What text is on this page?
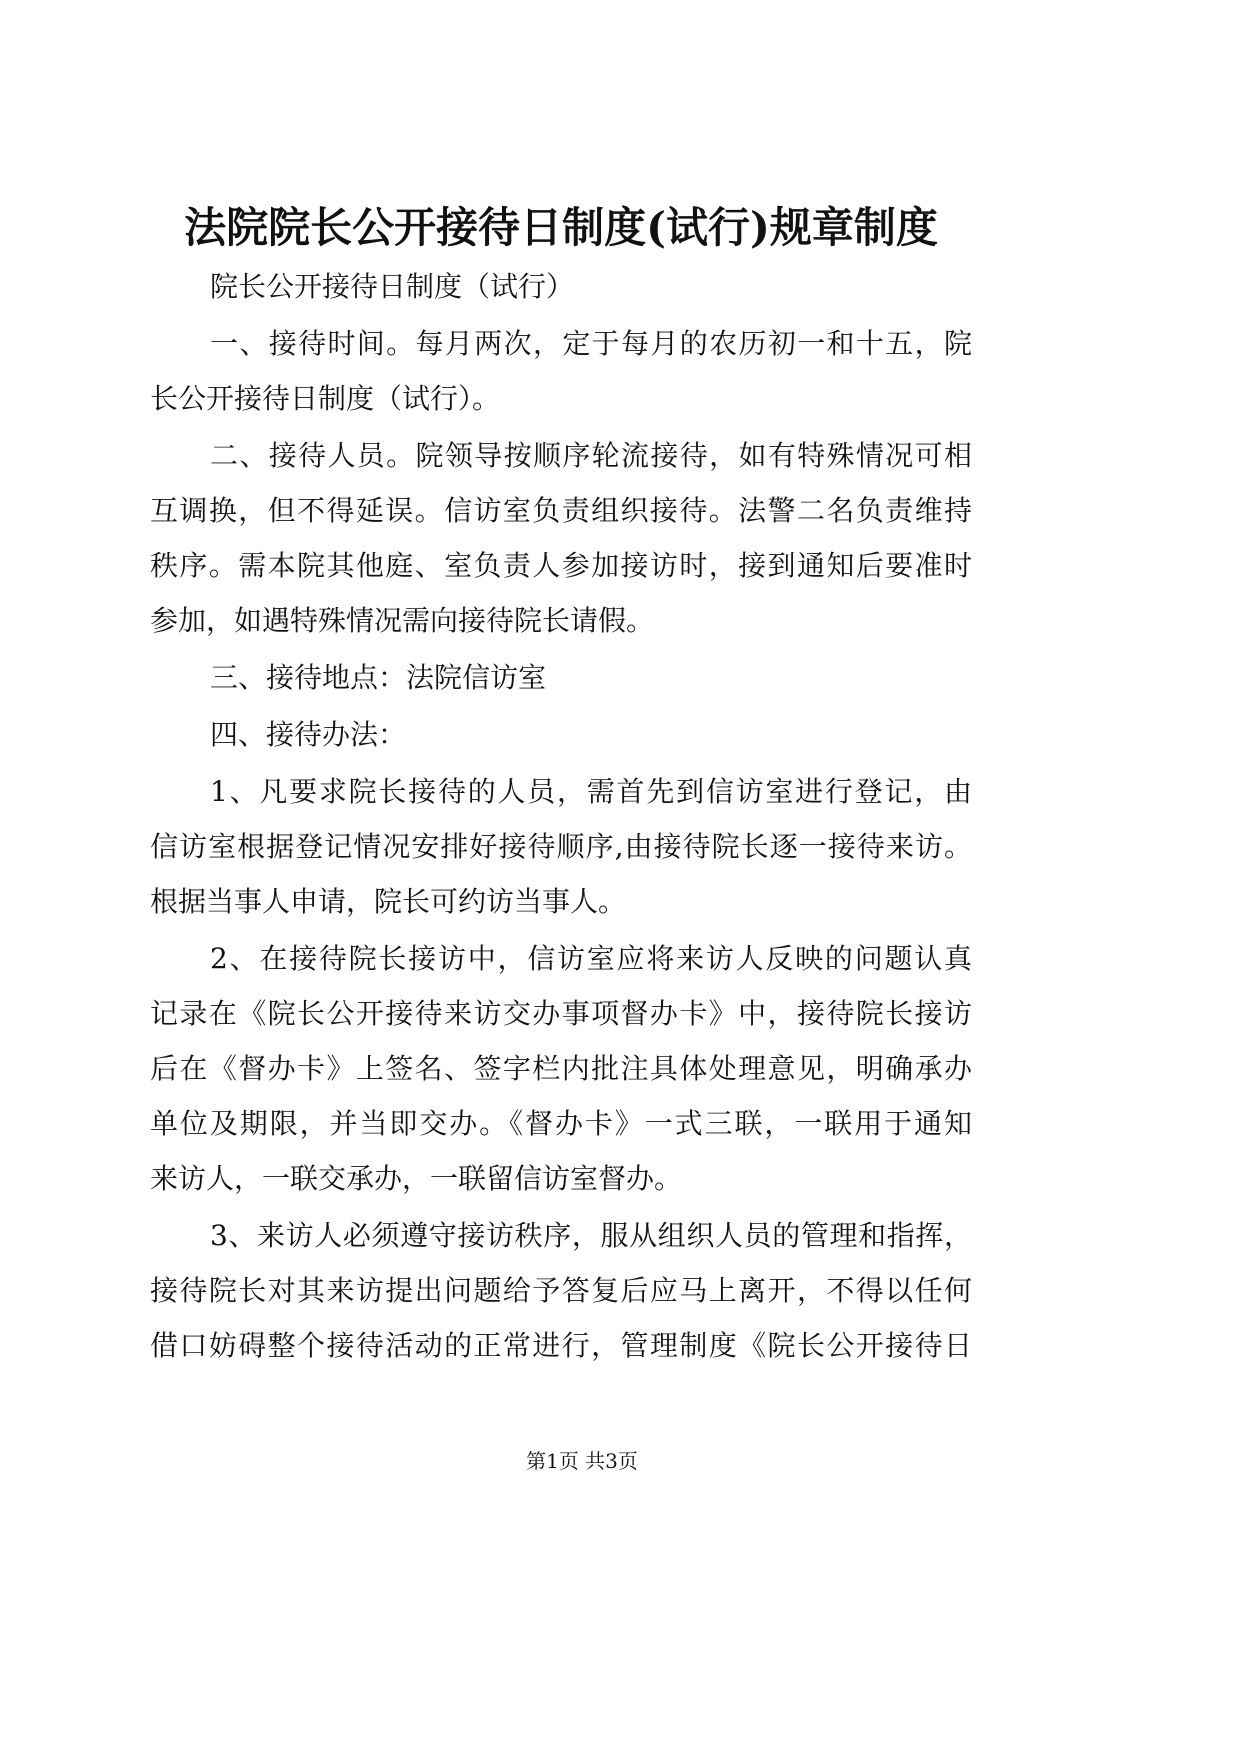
法院院长公开接待日制度(试行)规章制度
院长公开接待日制度（试行）
一、接待时间。每月两次，定于每月的农历初一和十五，院
长公开接待日制度（试行）。
二、接待人员。院领导按顺序轮流接待，如有特殊情况可相
互调换，但不得延误。信访室负责组织接待。法警二名负责维持
秩序。需本院其他庭、室负责人参加接访时，接到通知后要准时
参加，如遇特殊情况需向接待院长请假。
三、接待地点：法院信访室
四、接待办法：
1、凡要求院长接待的人员，需首先到信访室进行登记，由
信访室根据登记情况安排好接待顺序,由接待院长逐一接待来访。
根据当事人申请，院长可约访当事人。
2、在接待院长接访中，信访室应将来访人反映的问题认真
记录在《院长公开接待来访交办事项督办卡》中，接待院长接访
后在《督办卡》上签名、签字栏内批注具体处理意见，明确承办
单位及期限，并当即交办。《督办卡》一式三联，一联用于通知
来访人，一联交承办，一联留信访室督办。
3、来访人必须遵守接访秩序，服从组织人员的管理和指挥，
接待院长对其来访提出问题给予答复后应马上离开，不得以任何
借口妨碍整个接待活动的正常进行，管理制度《院长公开接待日
第1页 共3页
